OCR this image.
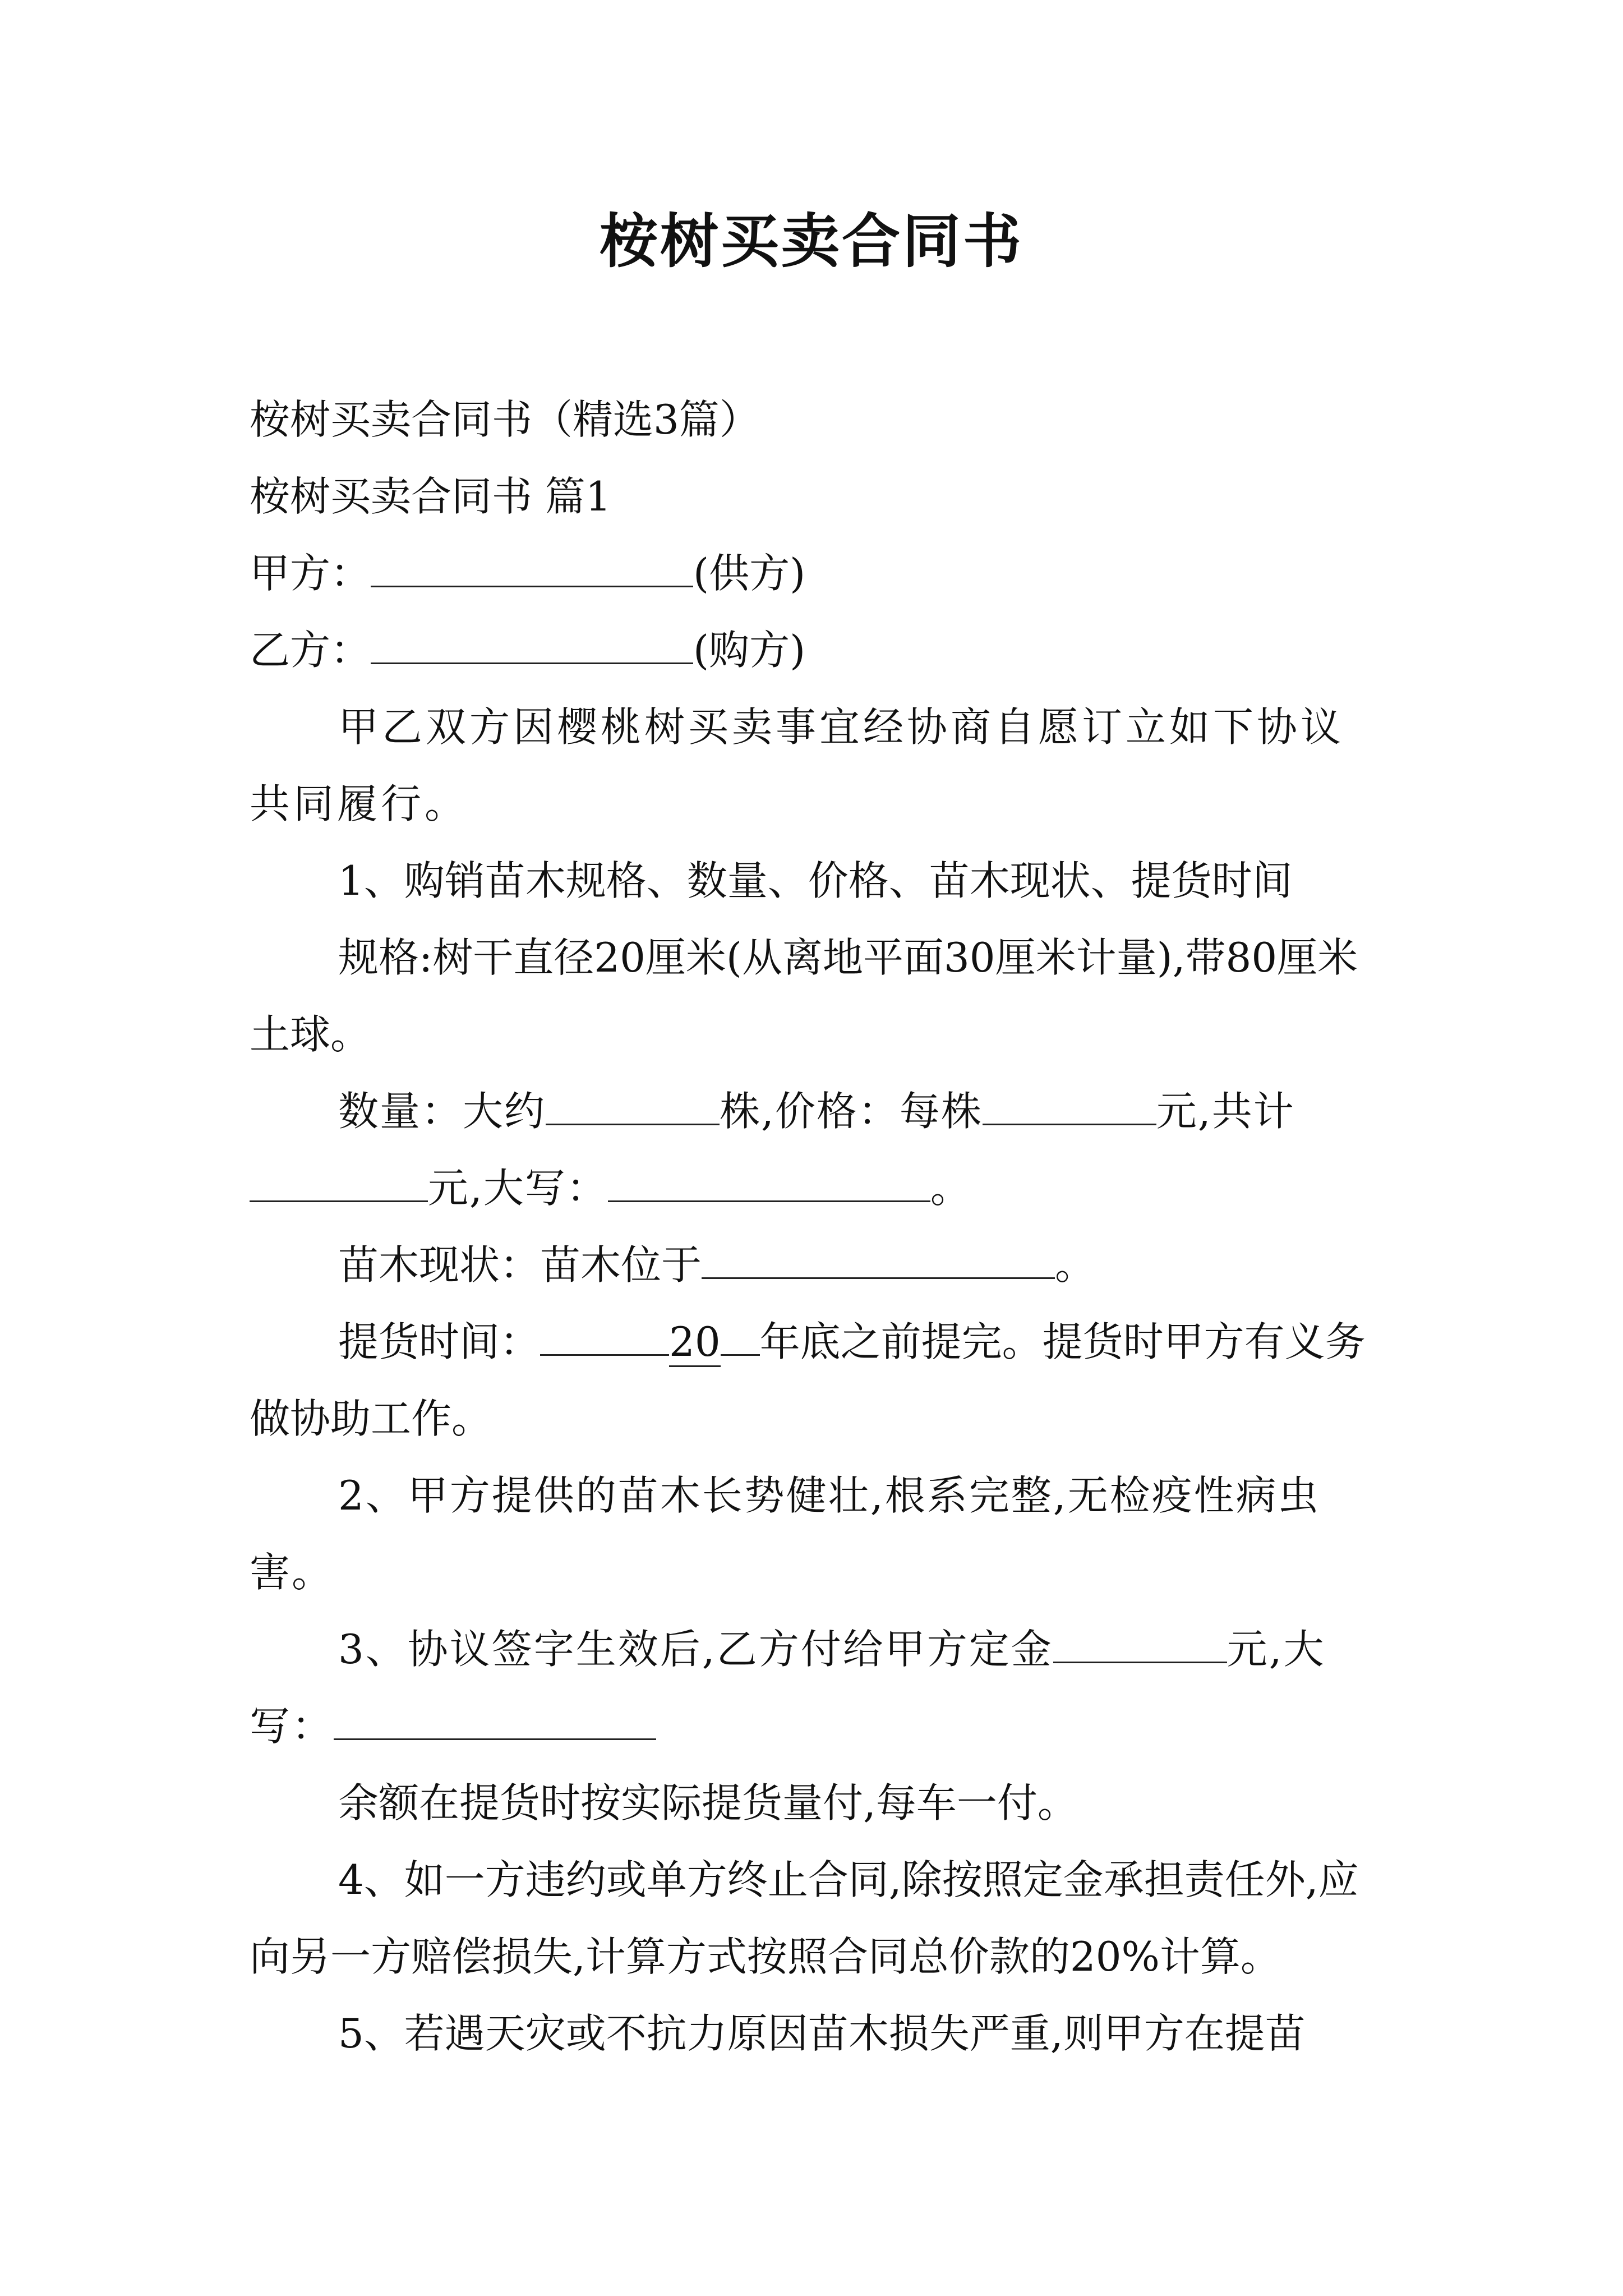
桉树买卖合同书

桉树买卖合同书（精选3篇）

桉树买卖合同书 篇1

甲方：	(供方)

乙方：	(购方)

甲乙双方因樱桃树买卖事宜经协商自愿订立如下协议共同履行。

1、购销苗木规格、数量、价格、苗木现状、提货时间

规格:树干直径20厘米(从离地平面30厘米计量),带80厘米土球。

数量：大约	株,价格：每株	元,共计元,大写：	。

苗木现状：苗木位于	。

提货时间：	20 年底之前提完。提货时甲方有义务做协助工作。

2、甲方提供的苗木长势健壮,根系完整,无检疫性病虫害。

3、协议签字生效后,乙方付给甲方定金	元,大写：

余额在提货时按实际提货量付,每车一付。

4、如一方违约或单方终止合同,除按照定金承担责任外,应向另一方赔偿损失,计算方式按照合同总价款的20%计算。

5、若遇天灾或不抗力原因苗木损失严重,则甲方在提苗
